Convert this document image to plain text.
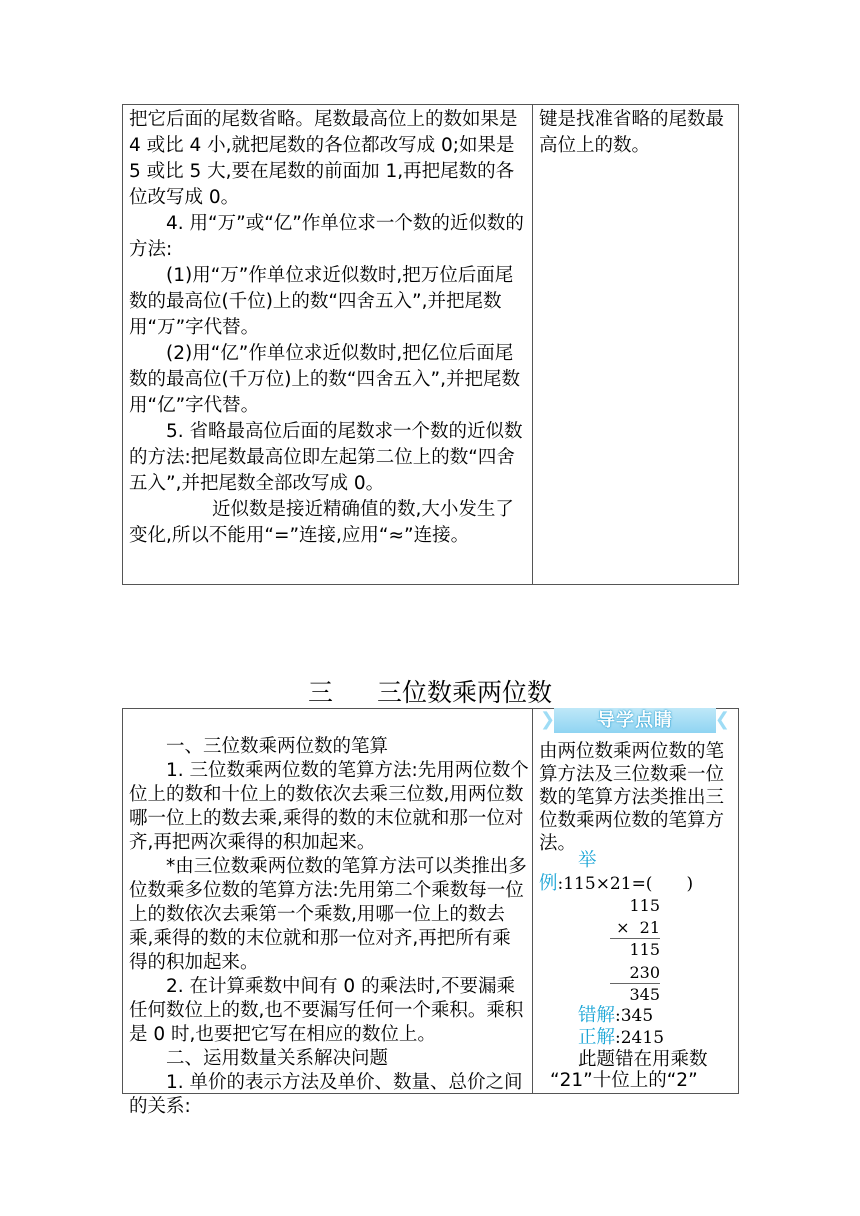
把它后面的尾数省略。尾数最高位上的数如果是 4 或比 4 小,就把尾数的各位都改写成 0;如果是 5 或比 5 大,要在尾数的前面加 1,再把尾数的各位改写成 0。

4. 用“万”或“亿”作单位求一个数的近似数的方法:

(1)用“万”作单位求近似数时,把万位后面尾数的最高位(千位)上的数“四舍五入”,并把尾数用“万”字代替。

(2)用“亿”作单位求近似数时,把亿位后面尾数的最高位(千万位)上的数“四舍五入”,并把尾数用“亿”字代替。

5. 省略最高位后面的尾数求一个数的近似数的方法:把尾数最高位即左起第二位上的数“四舍五入”,并把尾数全部改写成 0。

近似数是接近精确值的数,大小发生了变化,所以不能用“=”连接,应用“≈”连接。

键是找准省略的尾数最高位上的数。

三 三位数乘两位数

一、三位数乘两位数的笔算

1. 三位数乘两位数的笔算方法:先用两位数个位上的数和十位上的数依次去乘三位数,用两位数哪一位上的数去乘,乘得的数的末位就和那一位对齐,再把两次乘得的积加起来。

*由三位数乘两位数的笔算方法可以类推出多位数乘多位数的笔算方法:先用第二个乘数每一位上的数依次去乘第一个乘数,用哪一位上的数去乘,乘得的数的末位就和那一位对齐,再把所有乘得的积加起来。

2. 在计算乘数中间有 0 的乘法时,不要漏乘任何数位上的数,也不要漏写任何一个乘积。乘积是 0 时,也要把它写在相应的数位上。

二、运用数量关系解决问题

1. 单价的表示方法及单价、数量、总价之间的关系:

❯	❮
导学点睛

由两位数乘两位数的笔算方法及三位数乘一位数的笔算方法类推出三位数乘两位数的笔算方法。

举
例:115×21=(　　)
115
×  21
115
230
345
错解:345
正解:2415
此题错在用乘数
“21”十位上的“2”
